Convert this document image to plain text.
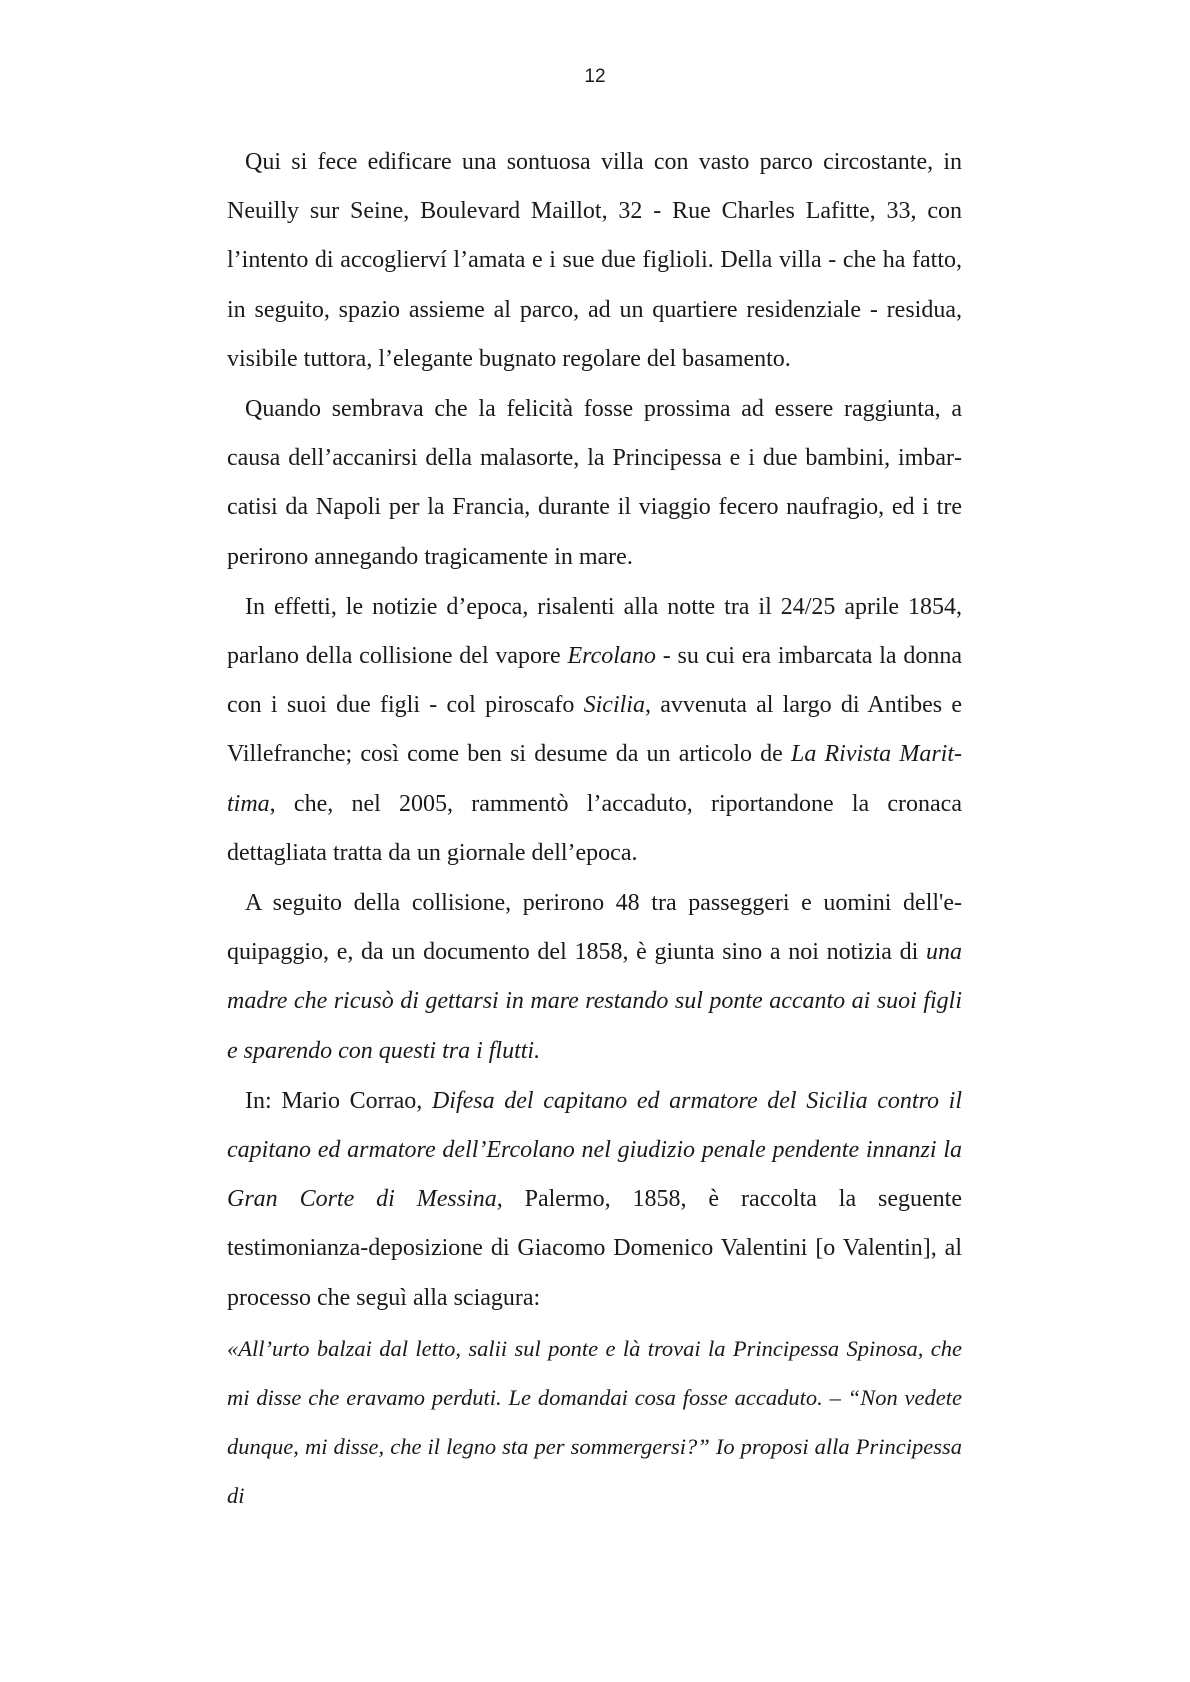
12

Qui si fece edificare una sontuosa villa con vasto parco circostante, in Neuilly sur Seine, Boulevard Maillot, 32 - Rue Charles Lafitte, 33, con l’intento di accoglierví l’amata e i sue due figlioli. Della villa - che ha fatto, in seguito, spazio assieme al parco, ad un quartiere residenziale - residua, visibile tuttora, l’elegante bugnato regolare del basamento.

Quando sembrava che la felicità fosse prossima ad essere raggiunta, a causa dell’accanirsi della malasorte, la Principessa e i due bambini, imbarcatisi da Napoli per la Francia, durante il viaggio fecero naufragio, ed i tre perirono annegando tragicamente in mare.

In effetti, le notizie d’epoca, risalenti alla notte tra il 24/25 aprile 1854, parlano della collisione del vapore Ercolano - su cui era imbarcata la donna con i suoi due figli - col piroscafo Sicilia, avvenuta al largo di Antibes e Villefranche; così come ben si desume da un articolo de La Rivista Marittima, che, nel 2005, rammentò l’accaduto, riportandone la cronaca dettagliata tratta da un giornale dell’epoca.

A seguito della collisione, perirono 48 tra passeggeri e uomini dell'equipaggio, e, da un documento del 1858, è giunta sino a noi notizia di una madre che ricusò di gettarsi in mare restando sul ponte accanto ai suoi figli e sparendo con questi tra i flutti.

In: Mario Corrao, Difesa del capitano ed armatore del Sicilia contro il capitano ed armatore dell’Ercolano nel giudizio penale pendente innanzi la Gran Corte di Messina, Palermo, 1858, è raccolta la seguente testimonianza-deposizione di Giacomo Domenico Valentini [o Valentin], al processo che seguì alla sciagura:

«All’urto balzai dal letto, salii sul ponte e là trovai la Principessa Spinosa, che mi disse che eravamo perduti. Le domandai cosa fosse accaduto. – “Non vedete dunque, mi disse, che il legno sta per sommergersi?” Io proposi alla Principessa di
